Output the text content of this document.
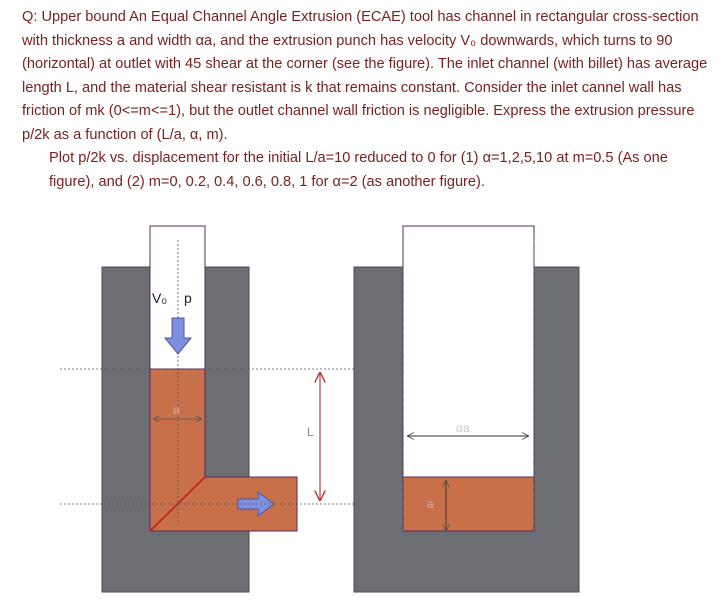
Q: Upper bound An Equal Channel Angle Extrusion (ECAE) tool has channel in rectangular cross-section with thickness a and width αa, and the extrusion punch has velocity V₀ downwards, which turns to 90 (horizontal) at outlet with 45 shear at the corner (see the figure). The inlet channel (with billet) has average length L, and the material shear resistant is k that remains constant. Consider the inlet cannel wall has friction of mk (0<=m<=1), but the outlet channel wall friction is negligible. Express the extrusion pressure p/2k as a function of (L/a, α, m).

Plot p/2k vs. displacement for the initial L/a=10 reduced to 0 for (1) α=1,2,5,10 at m=0.5 (As one figure), and (2) m=0, 0.2, 0.4, 0.6, 0.8, 1 for α=2 (as another figure).

V₀ p
a
L	αa
a
